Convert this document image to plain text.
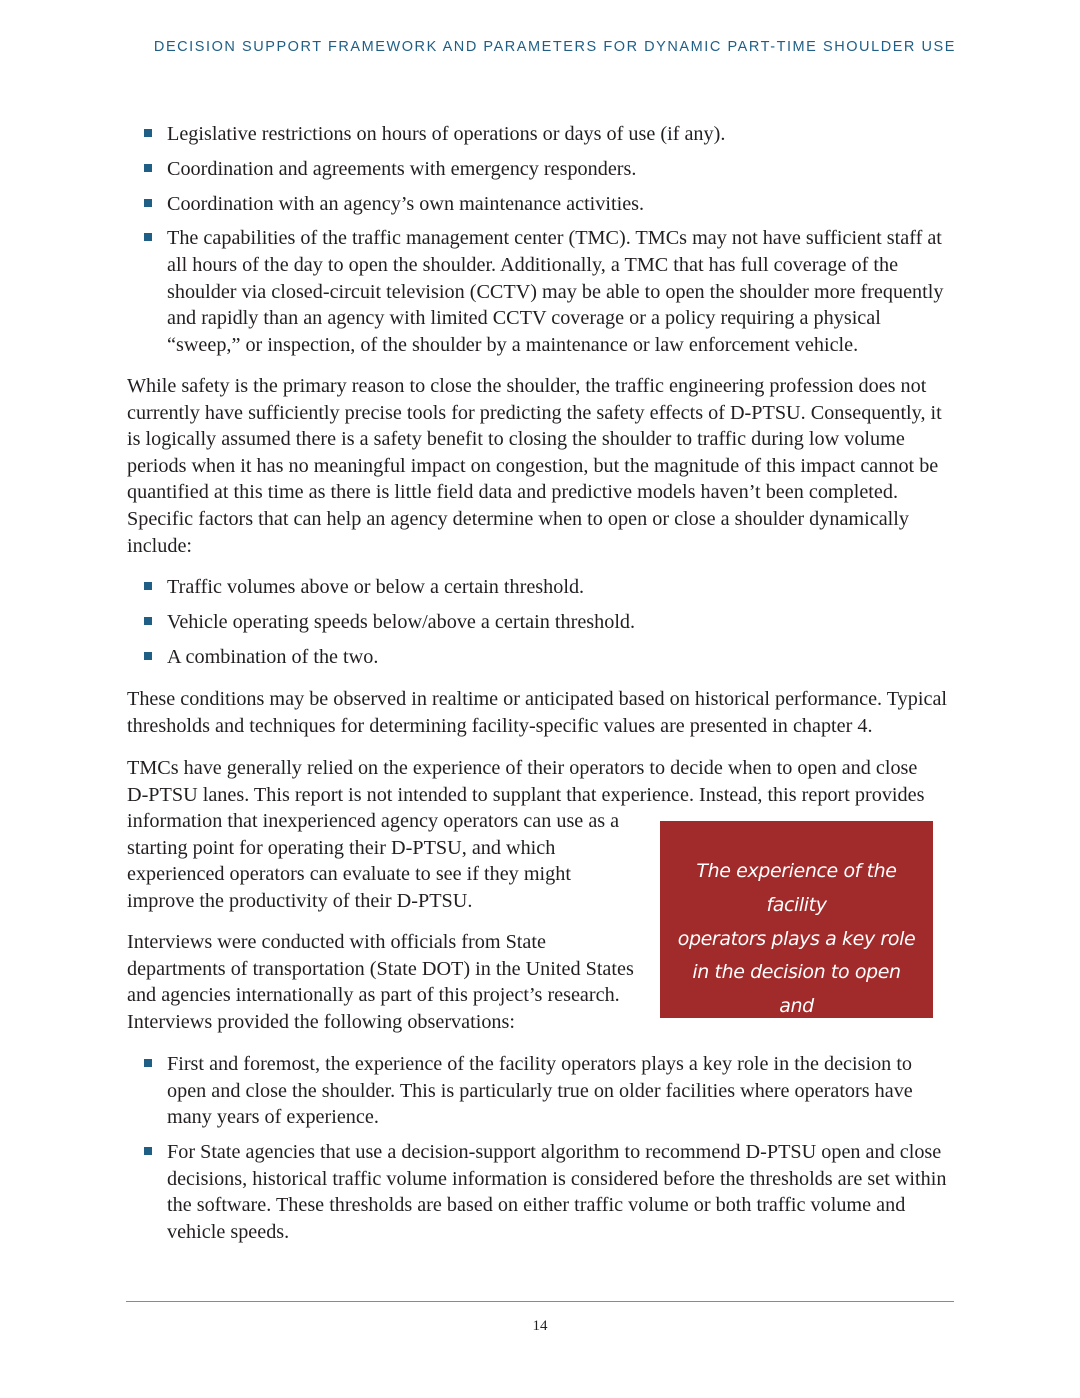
DECISION SUPPORT FRAMEWORK AND PARAMETERS FOR DYNAMIC PART-TIME SHOULDER USE
Legislative restrictions on hours of operations or days of use (if any).
Coordination and agreements with emergency responders.
Coordination with an agency’s own maintenance activities.
The capabilities of the traffic management center (TMC). TMCs may not have sufficient staff at all hours of the day to open the shoulder. Additionally, a TMC that has full coverage of the shoulder via closed-circuit television (CCTV) may be able to open the shoulder more frequently and rapidly than an agency with limited CCTV coverage or a policy requiring a physical “sweep,” or inspection, of the shoulder by a maintenance or law enforcement vehicle.

While safety is the primary reason to close the shoulder, the traffic engineering profession does not currently have sufficiently precise tools for predicting the safety effects of D-PTSU. Consequently, it is logically assumed there is a safety benefit to closing the shoulder to traffic during low volume periods when it has no meaningful impact on congestion, but the magnitude of this impact cannot be quantified at this time as there is little field data and predictive models haven’t been completed. Specific factors that can help an agency determine when to open or close a shoulder dynamically include:

Traffic volumes above or below a certain threshold.
Vehicle operating speeds below/above a certain threshold.
A combination of the two.

These conditions may be observed in realtime or anticipated based on historical performance. Typical thresholds and techniques for determining facility-specific values are presented in chapter 4.

TMCs have generally relied on the experience of their operators to decide when to open and close
D-PTSU lanes. This report is not intended to supplant that experience. Instead, this report provides
information that inexperienced agency operators can use as a
starting point for operating their D-PTSU, and which
experienced operators can evaluate to see if they might
improve the productivity of their D-PTSU.
Interviews were conducted with officials from State
departments of transportation (State DOT) in the United States
and agencies internationally as part of this project’s research.
Interviews provided the following observations:
The experience of the facility
operators plays a key role
in the decision to open and
close the shoulder.
First and foremost, the experience of the facility operators plays a key role in the decision to open and close the shoulder. This is particularly true on older facilities where operators have many years of experience.
For State agencies that use a decision-support algorithm to recommend D-PTSU open and close decisions, historical traffic volume information is considered before the thresholds are set within the software. These thresholds are based on either traffic volume or both traffic volume and vehicle speeds.
14
